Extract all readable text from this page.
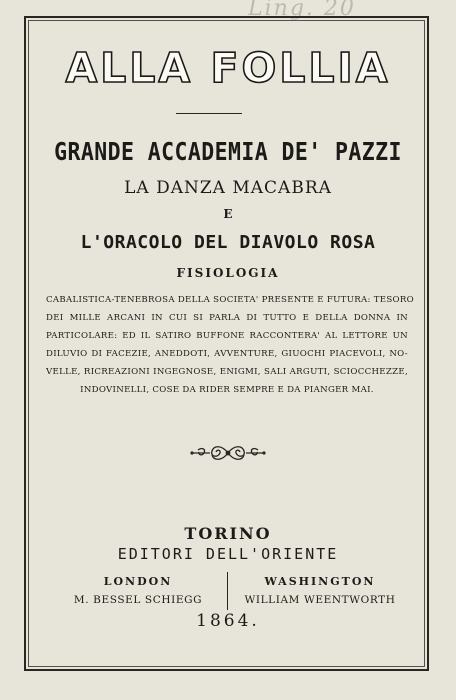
Ling. 20
ALLA FOLLIA
GRANDE ACCADEMIA DE' PAZZI
LA DANZA MACABRA
E
L'ORACOLO DEL DIAVOLO ROSA
FISIOLOGIA
CABALISTICA-TENEBROSA DELLA SOCIETA' PRESENTE E FUTURA: TESORO
DEI MILLE ARCANI IN CUI SI PARLA DI TUTTO E DELLA DONNA IN
PARTICOLARE: ED IL SATIRO BUFFONE RACCONTERA' AL LETTORE UN
DILUVIO DI FACEZIE, ANEDDOTI, AVVENTURE, GIUOCHI PIACEVOLI, NO-
VELLE, RICREAZIONI INGEGNOSE, ENIGMI, SALI ARGUTI, SCIOCCHEZZE,
INDOVINELLI, COSE DA RIDER SEMPRE E DA PIANGER MAI.
TORINO
EDITORI DELL'ORIENTE
LONDON
M. BESSEL SCHIEGG
WASHINGTON
WILLIAM WEENTWORTH
1864.
